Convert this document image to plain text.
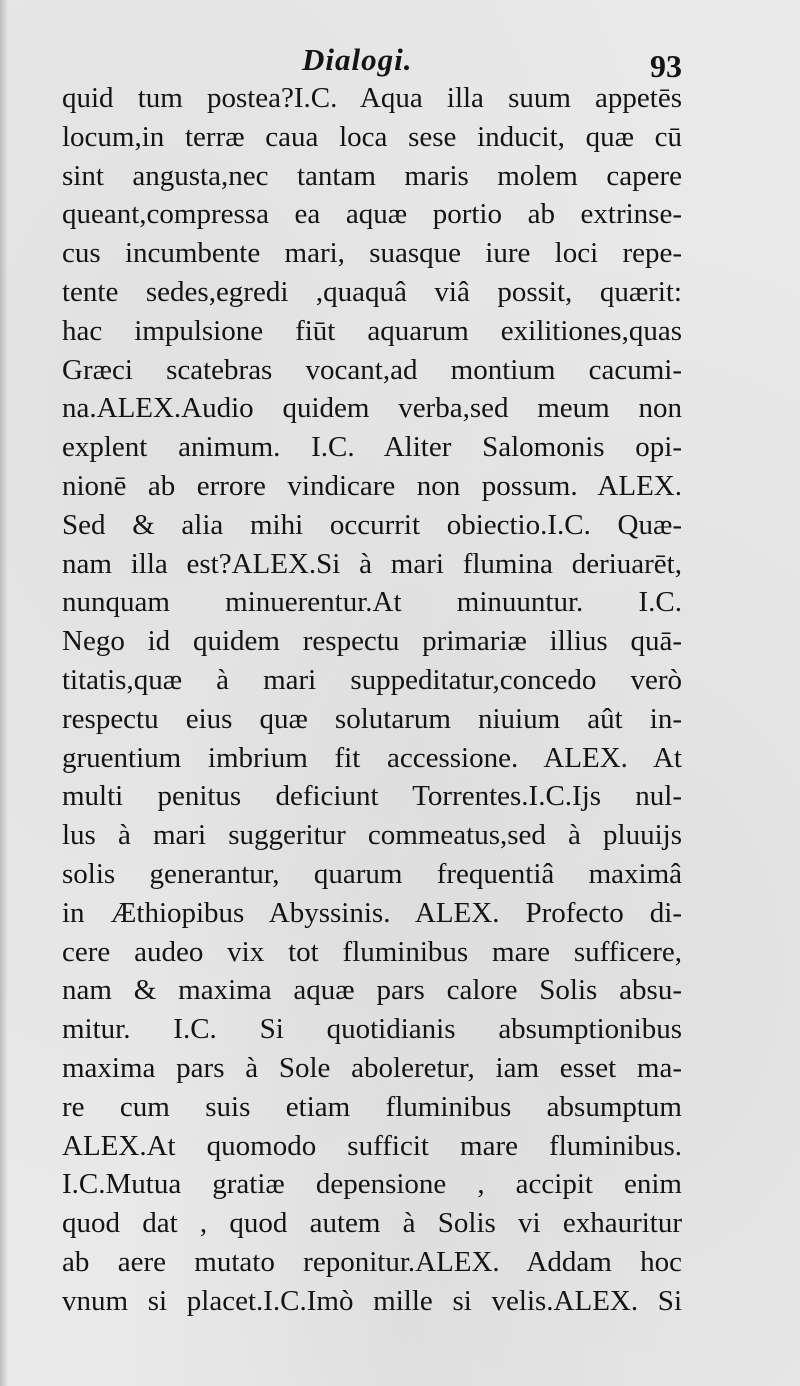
Dialogi.	93
quid tum postea?I.C. Aqua illa suum appetēs
locum,in terræ caua loca sese inducit, quæ cū
sint angusta,nec tantam maris molem capere
queant,compressa ea aquæ portio ab extrinse-
cus incumbente mari, suasque iure loci repe-
tente sedes,egredi ,quaquâ viâ possit, quærit:
hac impulsione fiūt aquarum exilitiones,quas
Græci scatebras vocant,ad montium cacumi-
na.ALEX.Audio quidem verba,sed meum non
explent animum. I.C. Aliter Salomonis opi-
nionē ab errore vindicare non possum. ALEX.
Sed & alia mihi occurrit obiectio.I.C. Quæ-
nam illa est?ALEX.Si à mari flumina deriuarēt,
nunquam minuerentur.At minuuntur. I.C.
Nego id quidem respectu primariæ illius quā-
titatis,quæ à mari suppeditatur,concedo verò
respectu eius quæ solutarum niuium aût in-
gruentium imbrium fit accessione. ALEX. At
multi penitus deficiunt Torrentes.I.C.Ijs nul-
lus à mari suggeritur commeatus,sed à pluuijs
solis generantur, quarum frequentiâ maximâ
in Æthiopibus Abyssinis. ALEX. Profecto di-
cere audeo vix tot fluminibus mare sufficere,
nam & maxima aquæ pars calore Solis absu-
mitur. I.C. Si quotidianis absumptionibus
maxima pars à Sole aboleretur, iam esset ma-
re cum suis etiam fluminibus absumptum
ALEX.At quomodo sufficit mare fluminibus.
I.C.Mutua gratiæ depensione , accipit enim
quod dat , quod autem à Solis vi exhauritur
ab aere mutato reponitur.ALEX. Addam hoc
vnum si placet.I.C.Imò mille si velis.ALEX. Si
